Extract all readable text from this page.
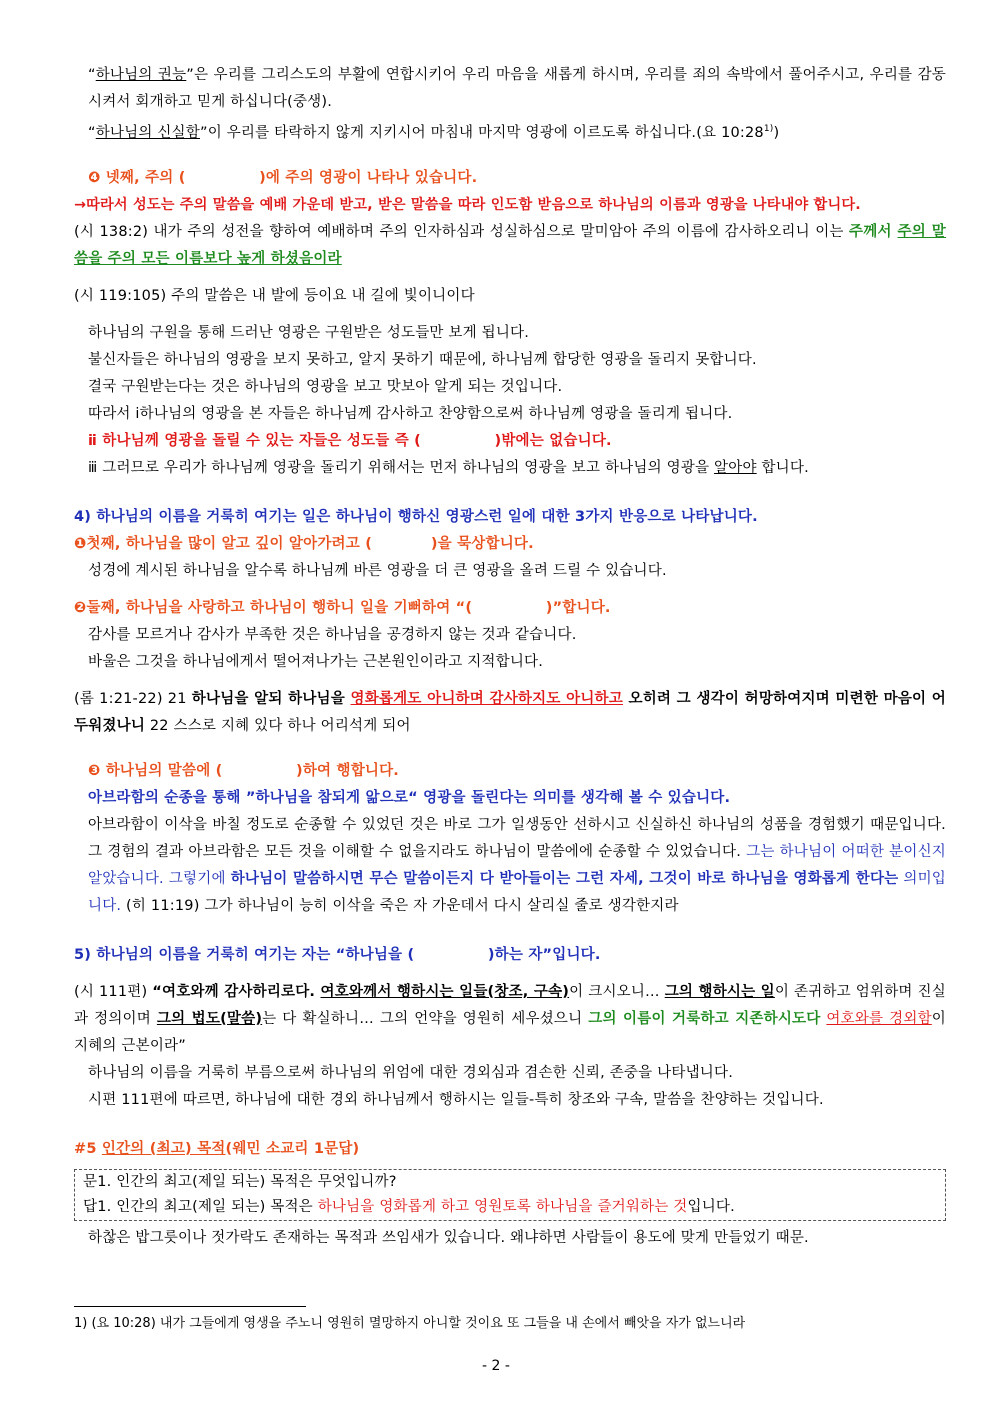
“하나님의 권능”은 우리를 그리스도의 부활에 연합시키어 우리 마음을 새롭게 하시며, 우리를 죄의 속박에서 풀어주시고, 우리를 감동시켜서 회개하고 믿게 하십니다(중생).

“하나님의 신실함”이 우리를 타락하지 않게 지키시어 마침내 마지막 영광에 이르도록 하십니다.(요 10:28$^{1)}$)

❹ 넷째, 주의 (　　　　　)에 주의 영광이 나타나 있습니다.

→따라서 성도는 주의 말씀을 예배 가운데 받고, 받은 말씀을 따라 인도함 받음으로 하나님의 이름과 영광을 나타내야 합니다.

(시 138:2) 내가 주의 성전을 향하여 예배하며 주의 인자하심과 성실하심으로 말미암아 주의 이름에 감사하오리니 이는 주께서 주의 말씀을 주의 모든 이름보다 높게 하셨음이라

(시 119:105) 주의 말씀은 내 발에 등이요 내 길에 빛이니이다

하나님의 구원을 통해 드러난 영광은 구원받은 성도들만 보게 됩니다.

불신자들은 하나님의 영광을 보지 못하고, 알지 못하기 때문에, 하나님께 합당한 영광을 돌리지 못합니다.

결국 구원받는다는 것은 하나님의 영광을 보고 맛보아 알게 되는 것입니다.

따라서 ⅰ하나님의 영광을 본 자들은 하나님께 감사하고 찬양함으로써 하나님께 영광을 돌리게 됩니다.

ⅱ 하나님께 영광을 돌릴 수 있는 자들은 성도들 즉 (　　　　　)밖에는 없습니다.

ⅲ 그러므로 우리가 하나님께 영광을 돌리기 위해서는 먼저 하나님의 영광을 보고 하나님의 영광을 알아야 합니다.

4) 하나님의 이름을 거룩히 여기는 일은 하나님이 행하신 영광스런 일에 대한 3가지 반응으로 나타납니다.

❶첫째, 하나님을 많이 알고 깊이 알아가려고 (　　　　)을 묵상합니다.

성경에 계시된 하나님을 알수록 하나님께 바른 영광을 더 큰 영광을 올려 드릴 수 있습니다.

❷둘째, 하나님을 사랑하고 하나님이 행하니 일을 기뻐하여 “(　　　　　)”합니다.

감사를 모르거나 감사가 부족한 것은 하나님을 공경하지 않는 것과 같습니다.

바울은 그것을 하나님에게서 떨어져나가는 근본원인이라고 지적합니다.

(롬 1:21-22) 21 하나님을 알되 하나님을 영화롭게도 아니하며 감사하지도 아니하고 오히려 그 생각이 허망하여지며 미련한 마음이 어두워졌나니 22 스스로 지혜 있다 하나 어리석게 되어

❸ 하나님의 말씀에 (　　　　　)하여 행합니다.

아브라함의 순종을 통해 ”하나님을 참되게 앎으로“ 영광을 돌린다는 의미를 생각해 볼 수 있습니다.

아브라함이 이삭을 바칠 정도로 순종할 수 있었던 것은 바로 그가 일생동안 선하시고 신실하신 하나님의 성품을 경험했기 때문입니다. 그 경험의 결과 아브라함은 모든 것을 이해할 수 없을지라도 하나님이 말씀에에 순종할 수 있었습니다. 그는 하나님이 어떠한 분이신지 알았습니다. 그렇기에 하나님이 말씀하시면 무슨 말씀이든지 다 받아들이는 그런 자세, 그것이 바로 하나님을 영화롭게 한다는 의미입니다. (히 11:19) 그가 하나님이 능히 이삭을 죽은 자 가운데서 다시 살리실 줄로 생각한지라

5) 하나님의 이름을 거룩히 여기는 자는 “하나님을 (　　　　　)하는 자”입니다.

(시 111편) “여호와께 감사하리로다. 여호와께서 행하시는 일들(창조, 구속)이 크시오니… 그의 행하시는 일이 존귀하고 엄위하며 진실과 정의이며 그의 법도(말씀)는 다 확실하니… 그의 언약을 영원히 세우셨으니 그의 이름이 거룩하고 지존하시도다 여호와를 경외함이 지혜의 근본이라”

하나님의 이름을 거룩히 부름으로써 하나님의 위엄에 대한 경외심과 겸손한 신뢰, 존중을 나타냅니다.

시편 111편에 따르면, 하나님에 대한 경외 하나님께서 행하시는 일들-특히 창조와 구속, 말씀을 찬양하는 것입니다.

#5 인간의 (최고) 목적(웨민 소교리 1문답)

문1. 인간의 최고(제일 되는) 목적은 무엇입니까?

답1. 인간의 최고(제일 되는) 목적은 하나님을 영화롭게 하고 영원토록 하나님을 즐거워하는 것입니다.

하찮은 밥그릇이나 젓가락도 존재하는 목적과 쓰임새가 있습니다. 왜냐하면 사람들이 용도에 맞게 만들었기 때문.

1) (요 10:28) 내가 그들에게 영생을 주노니 영원히 멸망하지 아니할 것이요 또 그들을 내 손에서 빼앗을 자가 없느니라
- 2 -
